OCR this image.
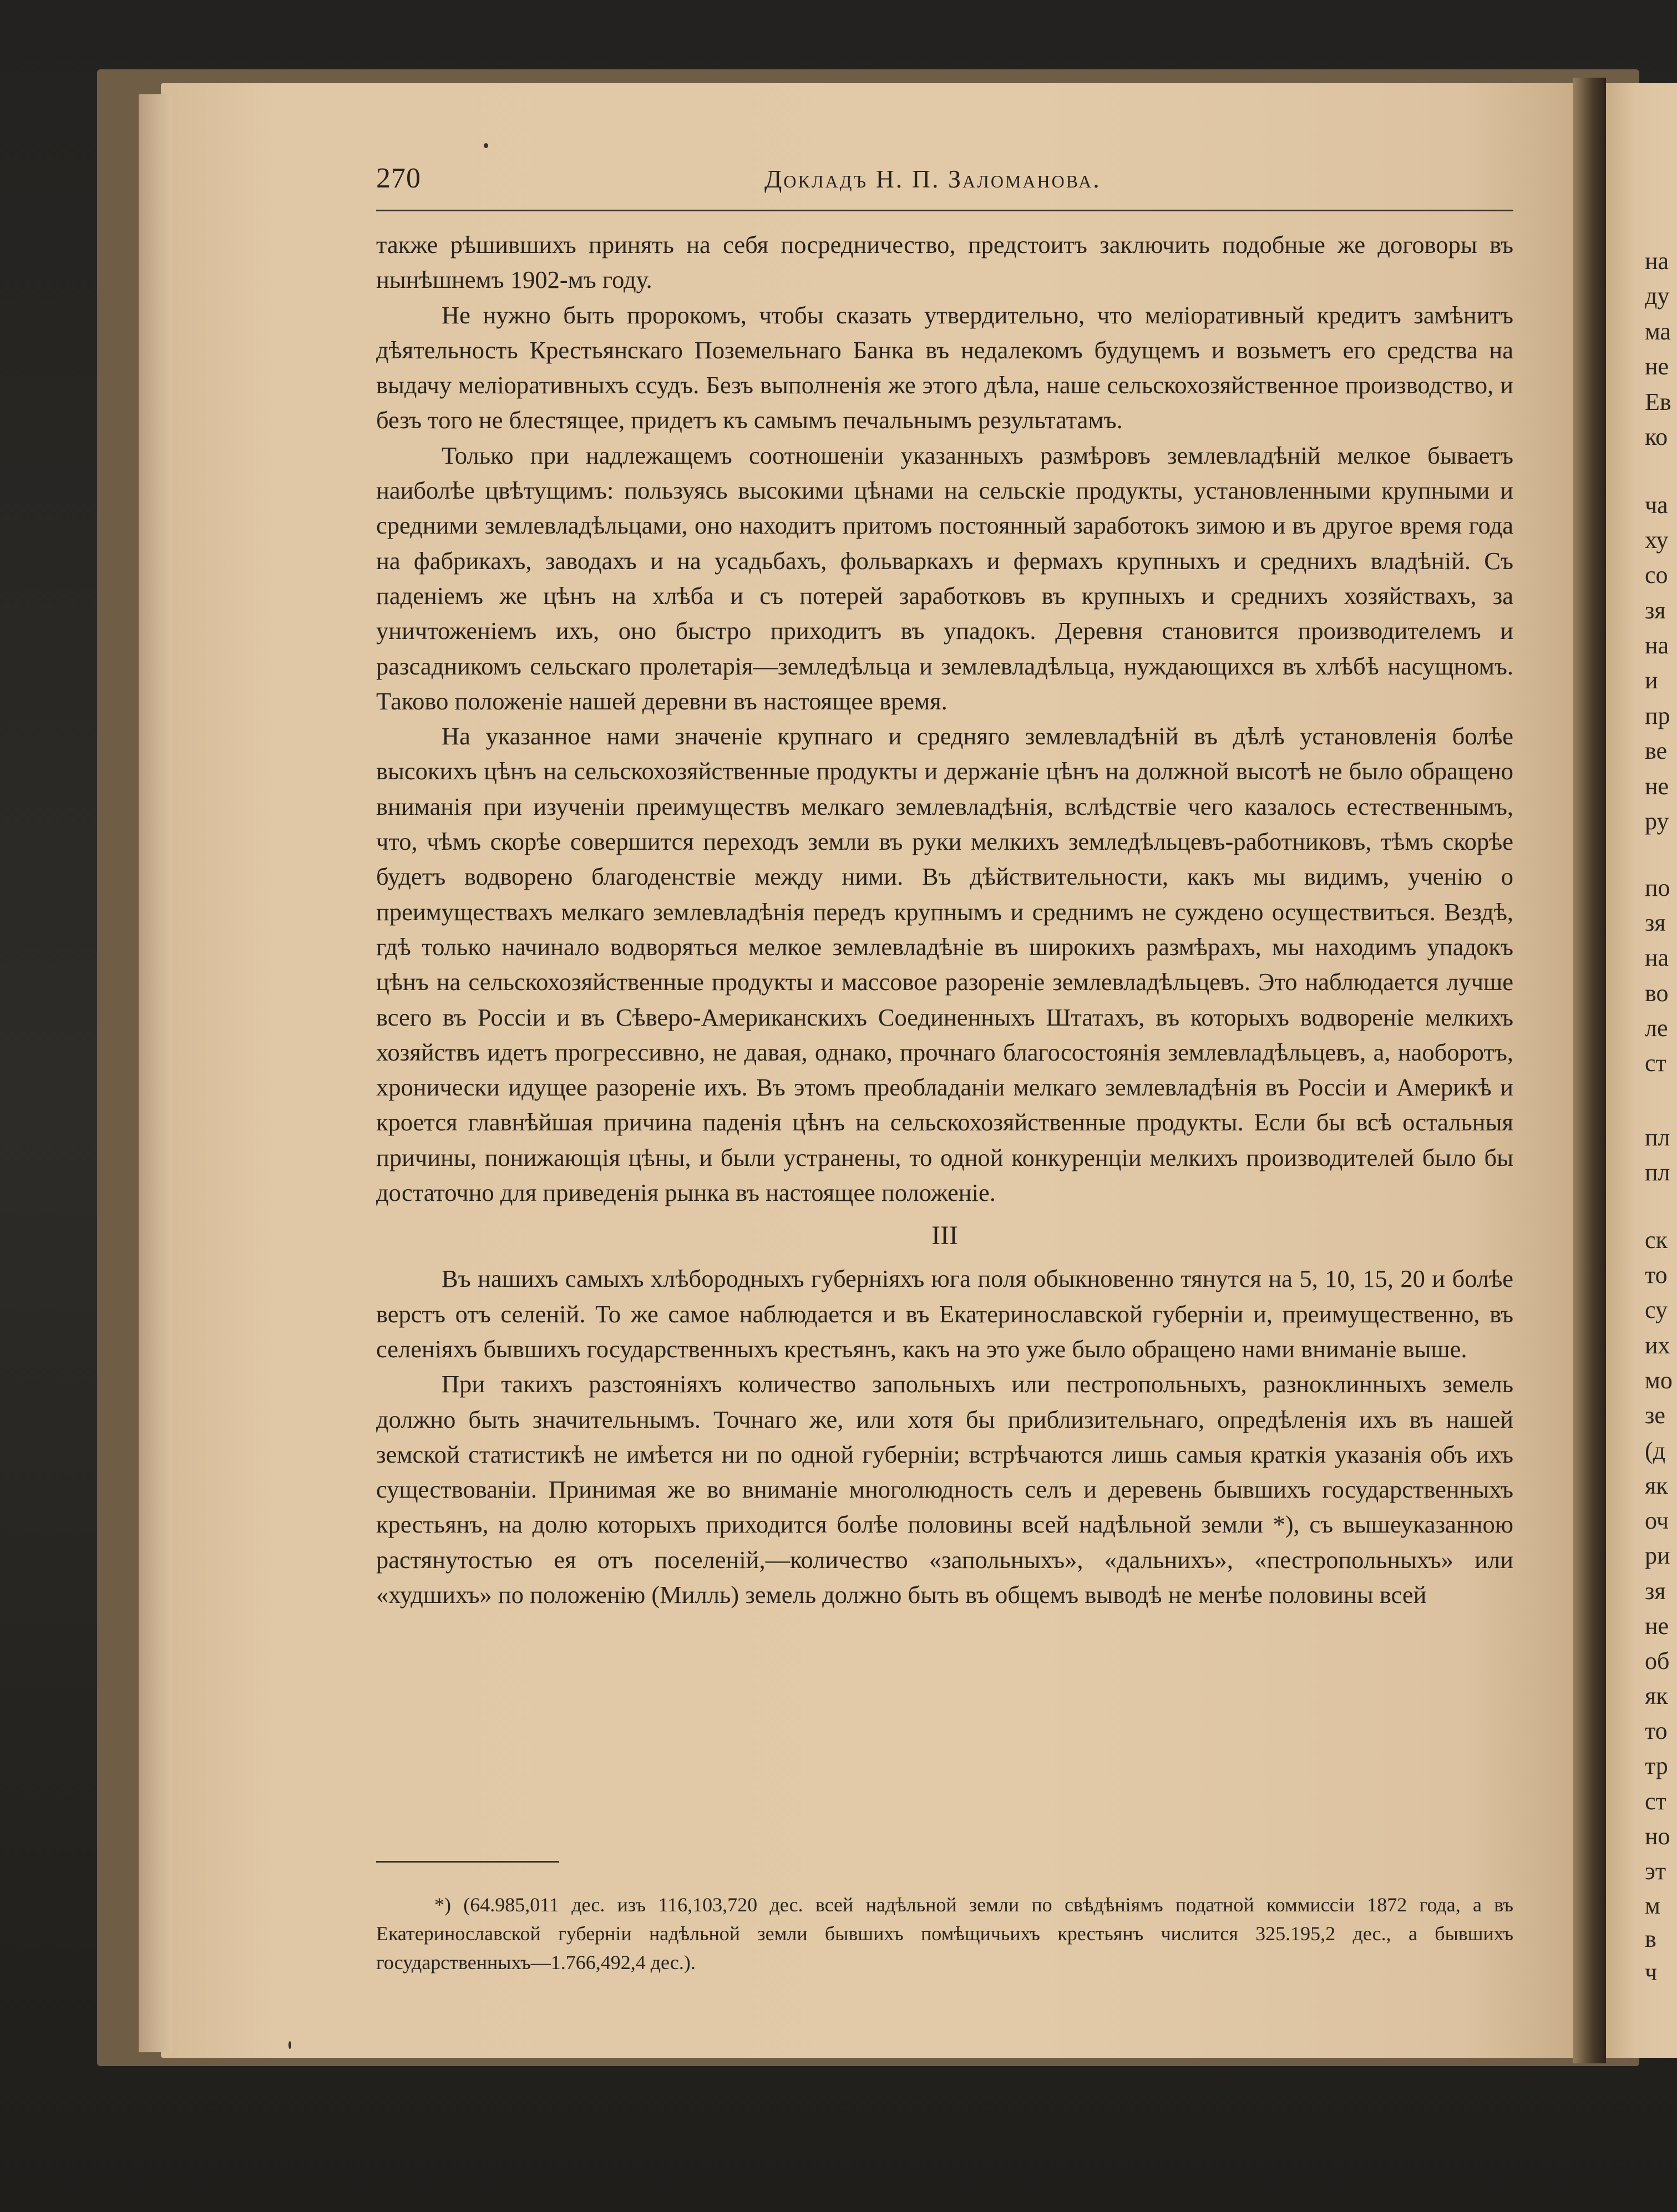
на
ду
ма
не
Ев
ко
ча
ху
со
зя
на
и
пр
ве
не
ру
по
зя
на
во
ле
ст
пл
пл
ск
то
су
их
мо
зе
(д
як
оч
ри
зя
не
об
як
то
тр
ст
но
эт
м
в
ч
270	Докладъ Н. П. Заломанова.

также рѣшившихъ принять на себя посредничество, предстоитъ заключить подобные же договоры въ нынѣшнемъ 1902-мъ году.

Не нужно быть пророкомъ, чтобы сказать утвердительно, что меліоративный кредитъ замѣнитъ дѣятельность Крестьянскаго Поземельнаго Банка въ недалекомъ будущемъ и возьметъ его средства на выдачу меліоративныхъ ссудъ. Безъ выполненія же этого дѣла, наше сельскохозяйственное производство, и безъ того не блестящее, придетъ къ самымъ печальнымъ результатамъ.

Только при надлежащемъ соотношеніи указанныхъ размѣровъ землевладѣній мелкое бываетъ наиболѣе цвѣтущимъ: пользуясь высокими цѣнами на сельскіе продукты, установленными крупными и средними землевладѣльцами, оно находитъ притомъ постоянный заработокъ зимою и въ другое время года на фабрикахъ, заводахъ и на усадьбахъ, фольваркахъ и фермахъ крупныхъ и среднихъ владѣній. Съ паденіемъ же цѣнъ на хлѣба и съ потерей заработковъ въ крупныхъ и среднихъ хозяйствахъ, за уничтоженіемъ ихъ, оно быстро приходитъ въ упадокъ. Деревня становится производителемъ и разсадникомъ сельскаго пролетарія—земледѣльца и землевладѣльца, нуждающихся въ хлѣбѣ насущномъ. Таково положеніе нашей деревни въ настоящее время.

На указанное нами значеніе крупнаго и средняго землевладѣній въ дѣлѣ установленія болѣе высокихъ цѣнъ на сельскохозяйственные продукты и держаніе цѣнъ на должной высотѣ не было обращено вниманія при изученіи преимуществъ мелкаго землевладѣнія, вслѣдствіе чего казалось естественнымъ, что, чѣмъ скорѣе совершится переходъ земли въ руки мелкихъ земледѣльцевъ-работниковъ, тѣмъ скорѣе будетъ водворено благоденствіе между ними. Въ дѣйствительности, какъ мы видимъ, ученію о преимуществахъ мелкаго землевладѣнія передъ крупнымъ и среднимъ не суждено осуществиться. Вездѣ, гдѣ только начинало водворяться мелкое землевладѣніе въ широкихъ размѣрахъ, мы находимъ упадокъ цѣнъ на сельскохозяйственные продукты и массовое разореніе землевладѣльцевъ. Это наблюдается лучше всего въ Россіи и въ Сѣверо-Американскихъ Соединенныхъ Штатахъ, въ которыхъ водвореніе мелкихъ хозяйствъ идетъ прогрессивно, не давая, однако, прочнаго благосостоянія землевладѣльцевъ, а, наоборотъ, хронически идущее разореніе ихъ. Въ этомъ преобладаніи мелкаго землевладѣнія въ Россіи и Америкѣ и кроется главнѣйшая причина паденія цѣнъ на сельскохозяйственные продукты. Если бы всѣ остальныя причины, понижающія цѣны, и были устранены, то одной конкуренціи мелкихъ производителей было бы достаточно для приведенія рынка въ настоящее положеніе.

III

Въ нашихъ самыхъ хлѣбородныхъ губерніяхъ юга поля обыкновенно тянутся на 5, 10, 15, 20 и болѣе верстъ отъ селеній. То же самое наблюдается и въ Екатеринославской губерніи и, преимущественно, въ селеніяхъ бывшихъ государственныхъ крестьянъ, какъ на это уже было обращено нами вниманіе выше.

При такихъ разстояніяхъ количество запольныхъ или пестропольныхъ, разноклинныхъ земель должно быть значительнымъ. Точнаго же, или хотя бы приблизительнаго, опредѣленія ихъ въ нашей земской статистикѣ не имѣется ни по одной губерніи; встрѣчаются лишь самыя краткія указанія объ ихъ существованіи. Принимая же во вниманіе многолюдность селъ и деревень бывшихъ государственныхъ крестьянъ, на долю которыхъ приходится болѣе половины всей надѣльной земли *), съ вышеуказанною растянутостью ея отъ поселеній,—количество «запольныхъ», «дальнихъ», «пестропольныхъ» или «худшихъ» по положенію (Милль) земель должно быть въ общемъ выводѣ не менѣе половины всей

*) (64.985,011 дес. изъ 116,103,720 дес. всей надѣльной земли по свѣдѣніямъ податной коммиссіи 1872 года, а въ Екатеринославской губерніи надѣльной земли бывшихъ помѣщичьихъ крестьянъ числится 325.195,2 дес., а бывшихъ государственныхъ—1.766,492,4 дес.).
